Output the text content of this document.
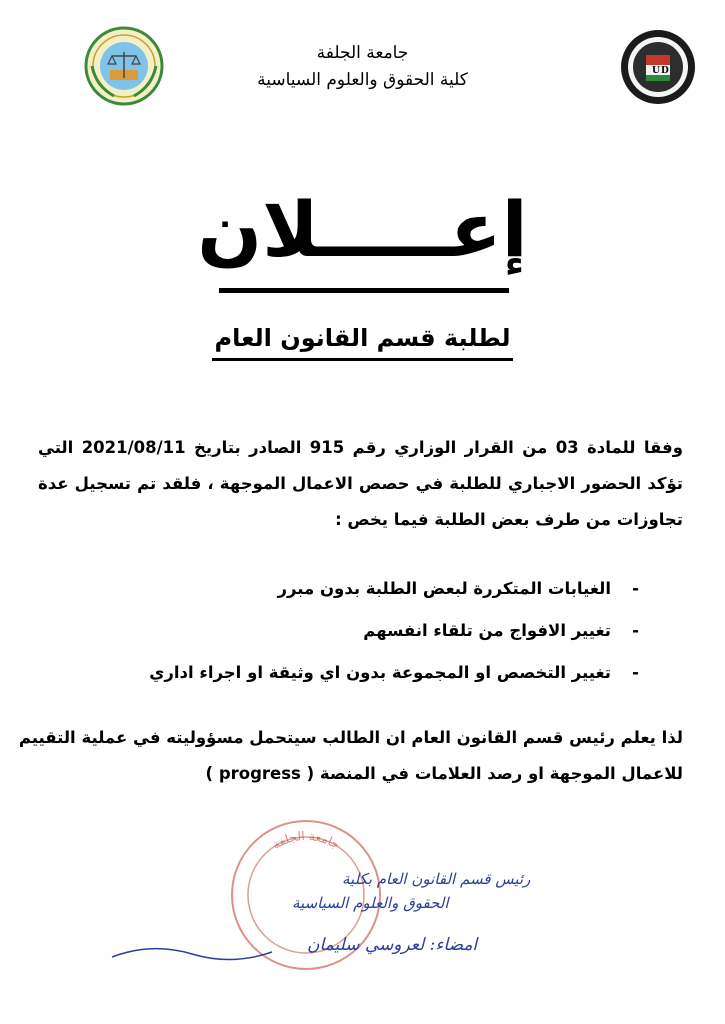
U D
جامعة الجلفة
كلية الحقوق والعلوم السياسية
إعـــــلان
لطلبة قسم القانون العام
وفقا للمادة 03 من القرار الوزاري رقم 915 الصادر بتاريخ 2021/08/11 التي
تؤكد الحضور الاجباري للطلبة في حصص الاعمال الموجهة ، فلقد تم تسجيل عدة
تجاوزات من طرف بعض الطلبة فيما يخص :
-الغيابات المتكررة لبعض الطلبة بدون مبرر
-تغيير الافواج من تلقاء انفسهم
-تغيير التخصص او المجموعة بدون اي وثيقة او اجراء اداري
لذا يعلم رئيس قسم القانون العام ان الطالب سيتحمل مسؤوليته في عملية التقييم
للاعمال الموجهة او رصد العلامات في المنصة ( progress )
جامعة الجلفة
رئيس قسم القانون العام بكلية
الحقوق والعلوم السياسية
امضاء: لعروسي سليمان
